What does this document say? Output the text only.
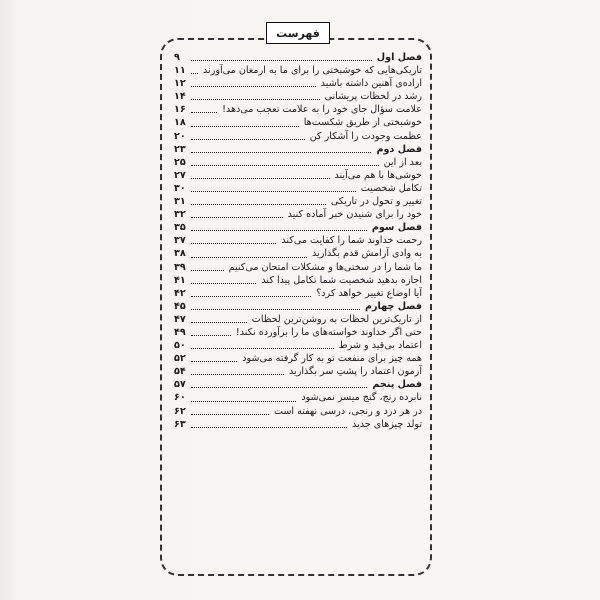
فهرست
فصل اول
۹
تاریکی‌هایی که خوشبختی را برای ما به ارمغان می‌آورند
۱۱
اراده‌ی آهنین داشته باشید
۱۲
رشد در لحظات پریشانی
۱۴
علامت سؤال جای خود را به علامت تعجب می‌دهد!
۱۶
خوشبختی از طریق شکست‌ها
۱۸
عظمت وجودت را آشکار کن
۲۰
فصل دوم
۲۳
بعد از این
۲۵
خوشی‌ها با هم می‌آیند
۲۷
تکامل شخصیت
۳۰
تغییر و تحول در تاریکی
۳۱
خود را برای شنیدن خبر آماده کنید
۳۲
فصل سوم
۳۵
رحمت خداوند شما را کفایت می‌کند
۳۷
به وادی آرامش قدم بگذارید
۳۸
ما شما را در سختی‌ها و مشکلات امتحان می‌کنیم
۳۹
اجازه بدهید شخصیت شما تکامل پیدا کند
۴۱
آیا اوضاع تغییر خواهد کرد؟
۴۲
فصل چهارم
۴۵
از تاریک‌ترین لحظات به روشن‌ترین لحظات
۴۷
حتی اگر خداوند خواسته‌های ما را برآورده نکند!
۴۹
اعتماد بی‌قید و شرط
۵۰
همه چیز برای منفعت تو به کار گرفته می‌شود
۵۲
آزمون اعتماد را پشتِ سر بگذارید
۵۴
فصل پنجم
۵۷
نابرده رنج، گنج میسر نمی‌شود
۶۰
در هر درد و رنجی، درسی نهفته است
۶۲
تولد چیزهای جدید
۶۳
